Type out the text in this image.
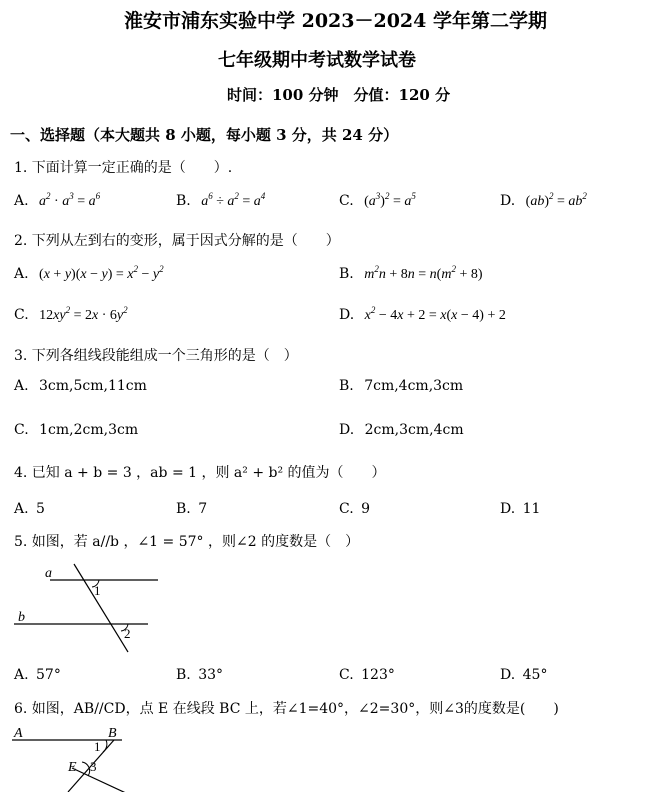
淮安市浦东实验中学 2023－2024 学年第二学期
七年级期中考试数学试卷
时间：100 分钟　分值：120 分
一、选择题（本大题共 8 小题，每小题 3 分，共 24 分）
1. 下面计算一定正确的是（　　）.
A. $a^2 \cdot a^3 = a^6$	B. $a^6 \div a^2 = a^4$	C. $(a^3)^2 = a^5$	D. $(ab)^2 = ab^2$
2. 下列从左到右的变形，属于因式分解的是（　　）
A. $(x + y)(x - y) = x^2 - y^2$	B. $m^2n + 8n = n(m^2 + 8)$
C. $12xy^2 = 2x \cdot 6y^2$	D. $x^2 - 4x + 2 = x(x - 4) + 2$
3. 下列各组线段能组成一个三角形的是（　）
A. 3cm,5cm,11cm	B. 7cm,4cm,3cm
C. 1cm,2cm,3cm	D. 2cm,3cm,4cm
4. 已知 a + b = 3 ，ab = 1 ，则 a² + b² 的值为（　　）
A. 5	B. 7	C. 9	D. 11
5. 如图，若 a//b ，∠1 = 57° ，则∠2 的度数是（　）
a
b
1
2
A. 57°	B. 33°	C. 123°	D. 45°
6. 如图，AB//CD，点 E 在线段 BC 上，若∠1=40°，∠2=30°，则∠3的度数是(　　)
A	B
E
1
3
